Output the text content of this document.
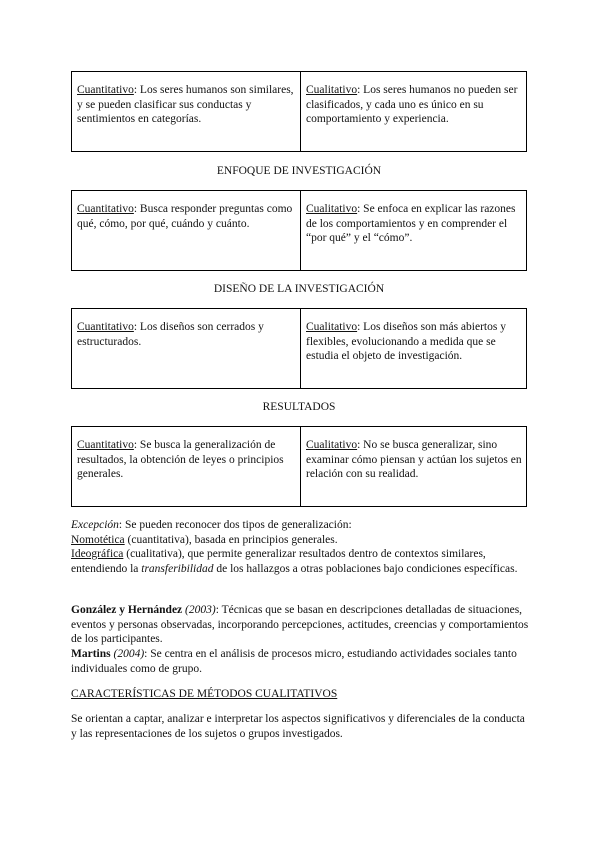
Cuantitativo: Los seres humanos son similares, y se pueden clasificar sus conductas y sentimientos en categorías.
Cualitativo: Los seres humanos no pueden ser clasificados, y cada uno es único en su comportamiento y experiencia.
ENFOQUE DE INVESTIGACIÓN
Cuantitativo: Busca responder preguntas como qué, cómo, por qué, cuándo y cuánto.
Cualitativo: Se enfoca en explicar las razones de los comportamientos y en comprender el “por qué” y el “cómo”.
DISEÑO DE LA INVESTIGACIÓN
Cuantitativo: Los diseños son cerrados y estructurados.
Cualitativo: Los diseños son más abiertos y flexibles, evolucionando a medida que se estudia el objeto de investigación.
RESULTADOS
Cuantitativo: Se busca la generalización de resultados, la obtención de leyes o principios generales.
Cualitativo: No se busca generalizar, sino examinar cómo piensan y actúan los sujetos en relación con su realidad.
Excepción: Se pueden reconocer dos tipos de generalización:
Nomotética (cuantitativa), basada en principios generales.
Ideográfica (cualitativa), que permite generalizar resultados dentro de contextos similares, entendiendo la transferibilidad de los hallazgos a otras poblaciones bajo condiciones específicas.
González y Hernández (2003): Técnicas que se basan en descripciones detalladas de situaciones, eventos y personas observadas, incorporando percepciones, actitudes, creencias y comportamientos de los participantes.
Martins (2004): Se centra en el análisis de procesos micro, estudiando actividades sociales tanto individuales como de grupo.
CARACTERÍSTICAS DE MÉTODOS CUALITATIVOS
Se orientan a captar, analizar e interpretar los aspectos significativos y diferenciales de la conducta y las representaciones de los sujetos o grupos investigados.
